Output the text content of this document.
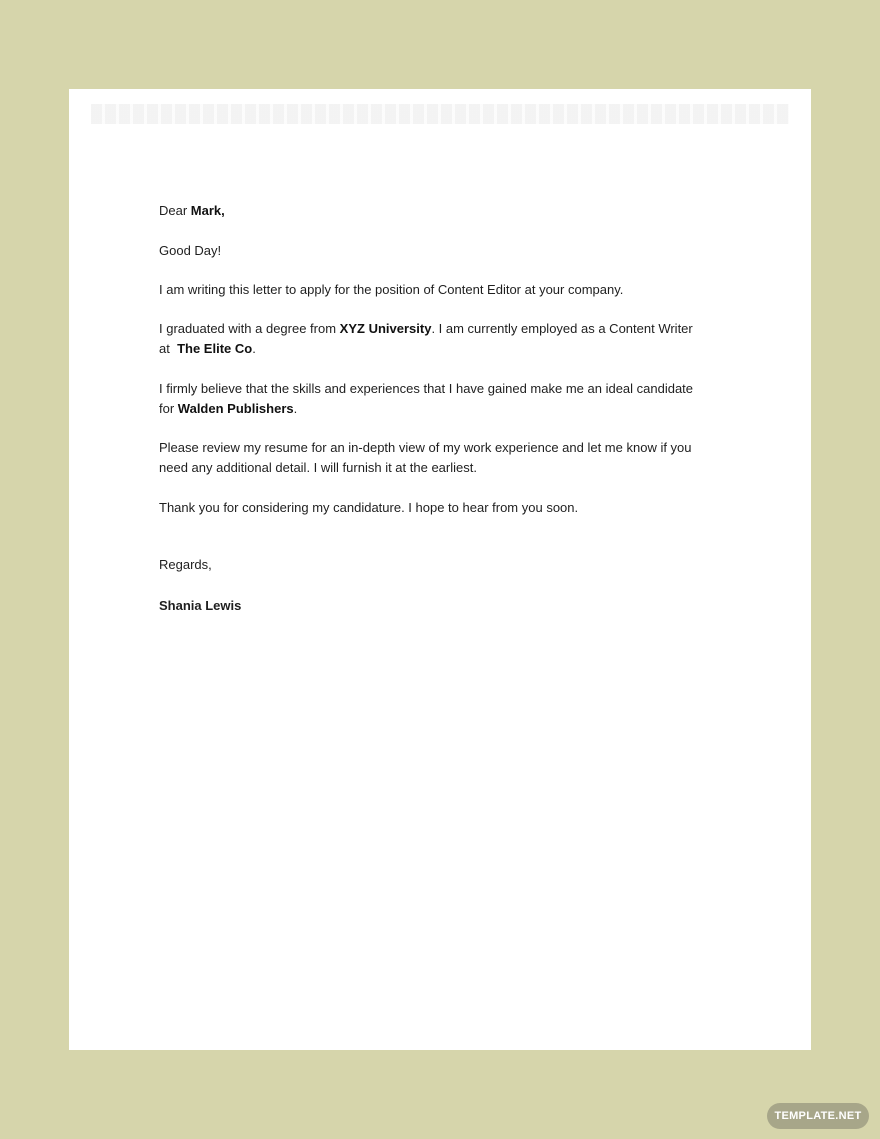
Dear Mark,

Good Day!

I am writing this letter to apply for the position of Content Editor at your company.

I graduated with a degree from XYZ University. I am currently employed as a Content Writer
at  The Elite Co.

I firmly believe that the skills and experiences that I have gained make me an ideal candidate
for Walden Publishers.

Please review my resume for an in-depth view of my work experience and let me know if you
need any additional detail. I will furnish it at the earliest.

Thank you for considering my candidature. I hope to hear from you soon.

Regards,

Shania Lewis

TEMPLATE.NET
